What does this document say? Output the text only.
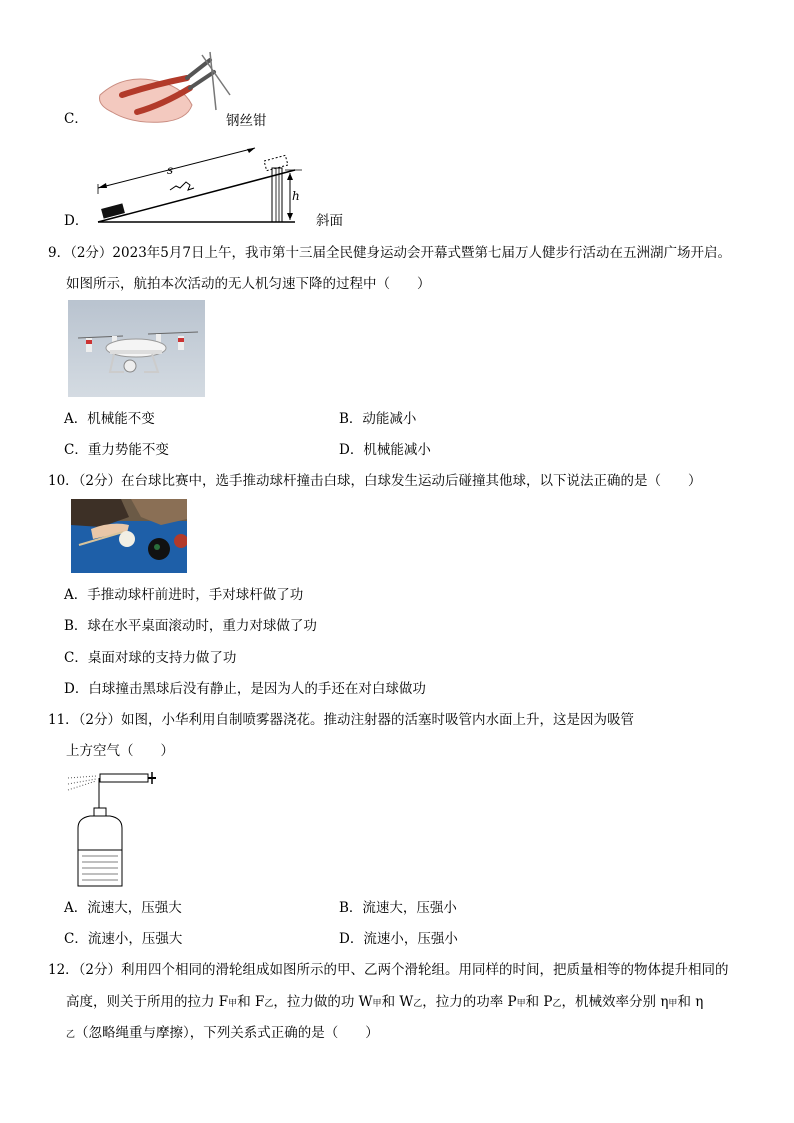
C．	钢丝钳
D．
s
h
斜面
9．（2分）2023年5月7日上午，我市第十三届全民健身运动会开幕式暨第七届万人健步行活动在五洲湖广场开启。
如图所示，航拍本次活动的无人机匀速下降的过程中（　　）
A．机械能不变	B．动能减小
C．重力势能不变	D．机械能减小
10．（2分）在台球比赛中，选手推动球杆撞击白球，白球发生运动后碰撞其他球，以下说法正确的是（　　）
A．手推动球杆前进时，手对球杆做了功
B．球在水平桌面滚动时，重力对球做了功
C．桌面对球的支持力做了功
D．白球撞击黑球后没有静止，是因为人的手还在对白球做功
11．（2分）如图，小华利用自制喷雾器浇花。推动注射器的活塞时吸管内水面上升，这是因为吸管
上方空气（　　）
A．流速大，压强大	B．流速大，压强小
C．流速小，压强大	D．流速小，压强小
12．（2分）利用四个相同的滑轮组成如图所示的甲、乙两个滑轮组。用同样的时间，把质量相等的物体提升相同的
高度，则关于所用的拉力 F甲和 F乙，拉力做的功 W甲和 W乙，拉力的功率 P甲和 P乙，机械效率分别 η甲和 η
乙（忽略绳重与摩擦），下列关系式正确的是（　　）
